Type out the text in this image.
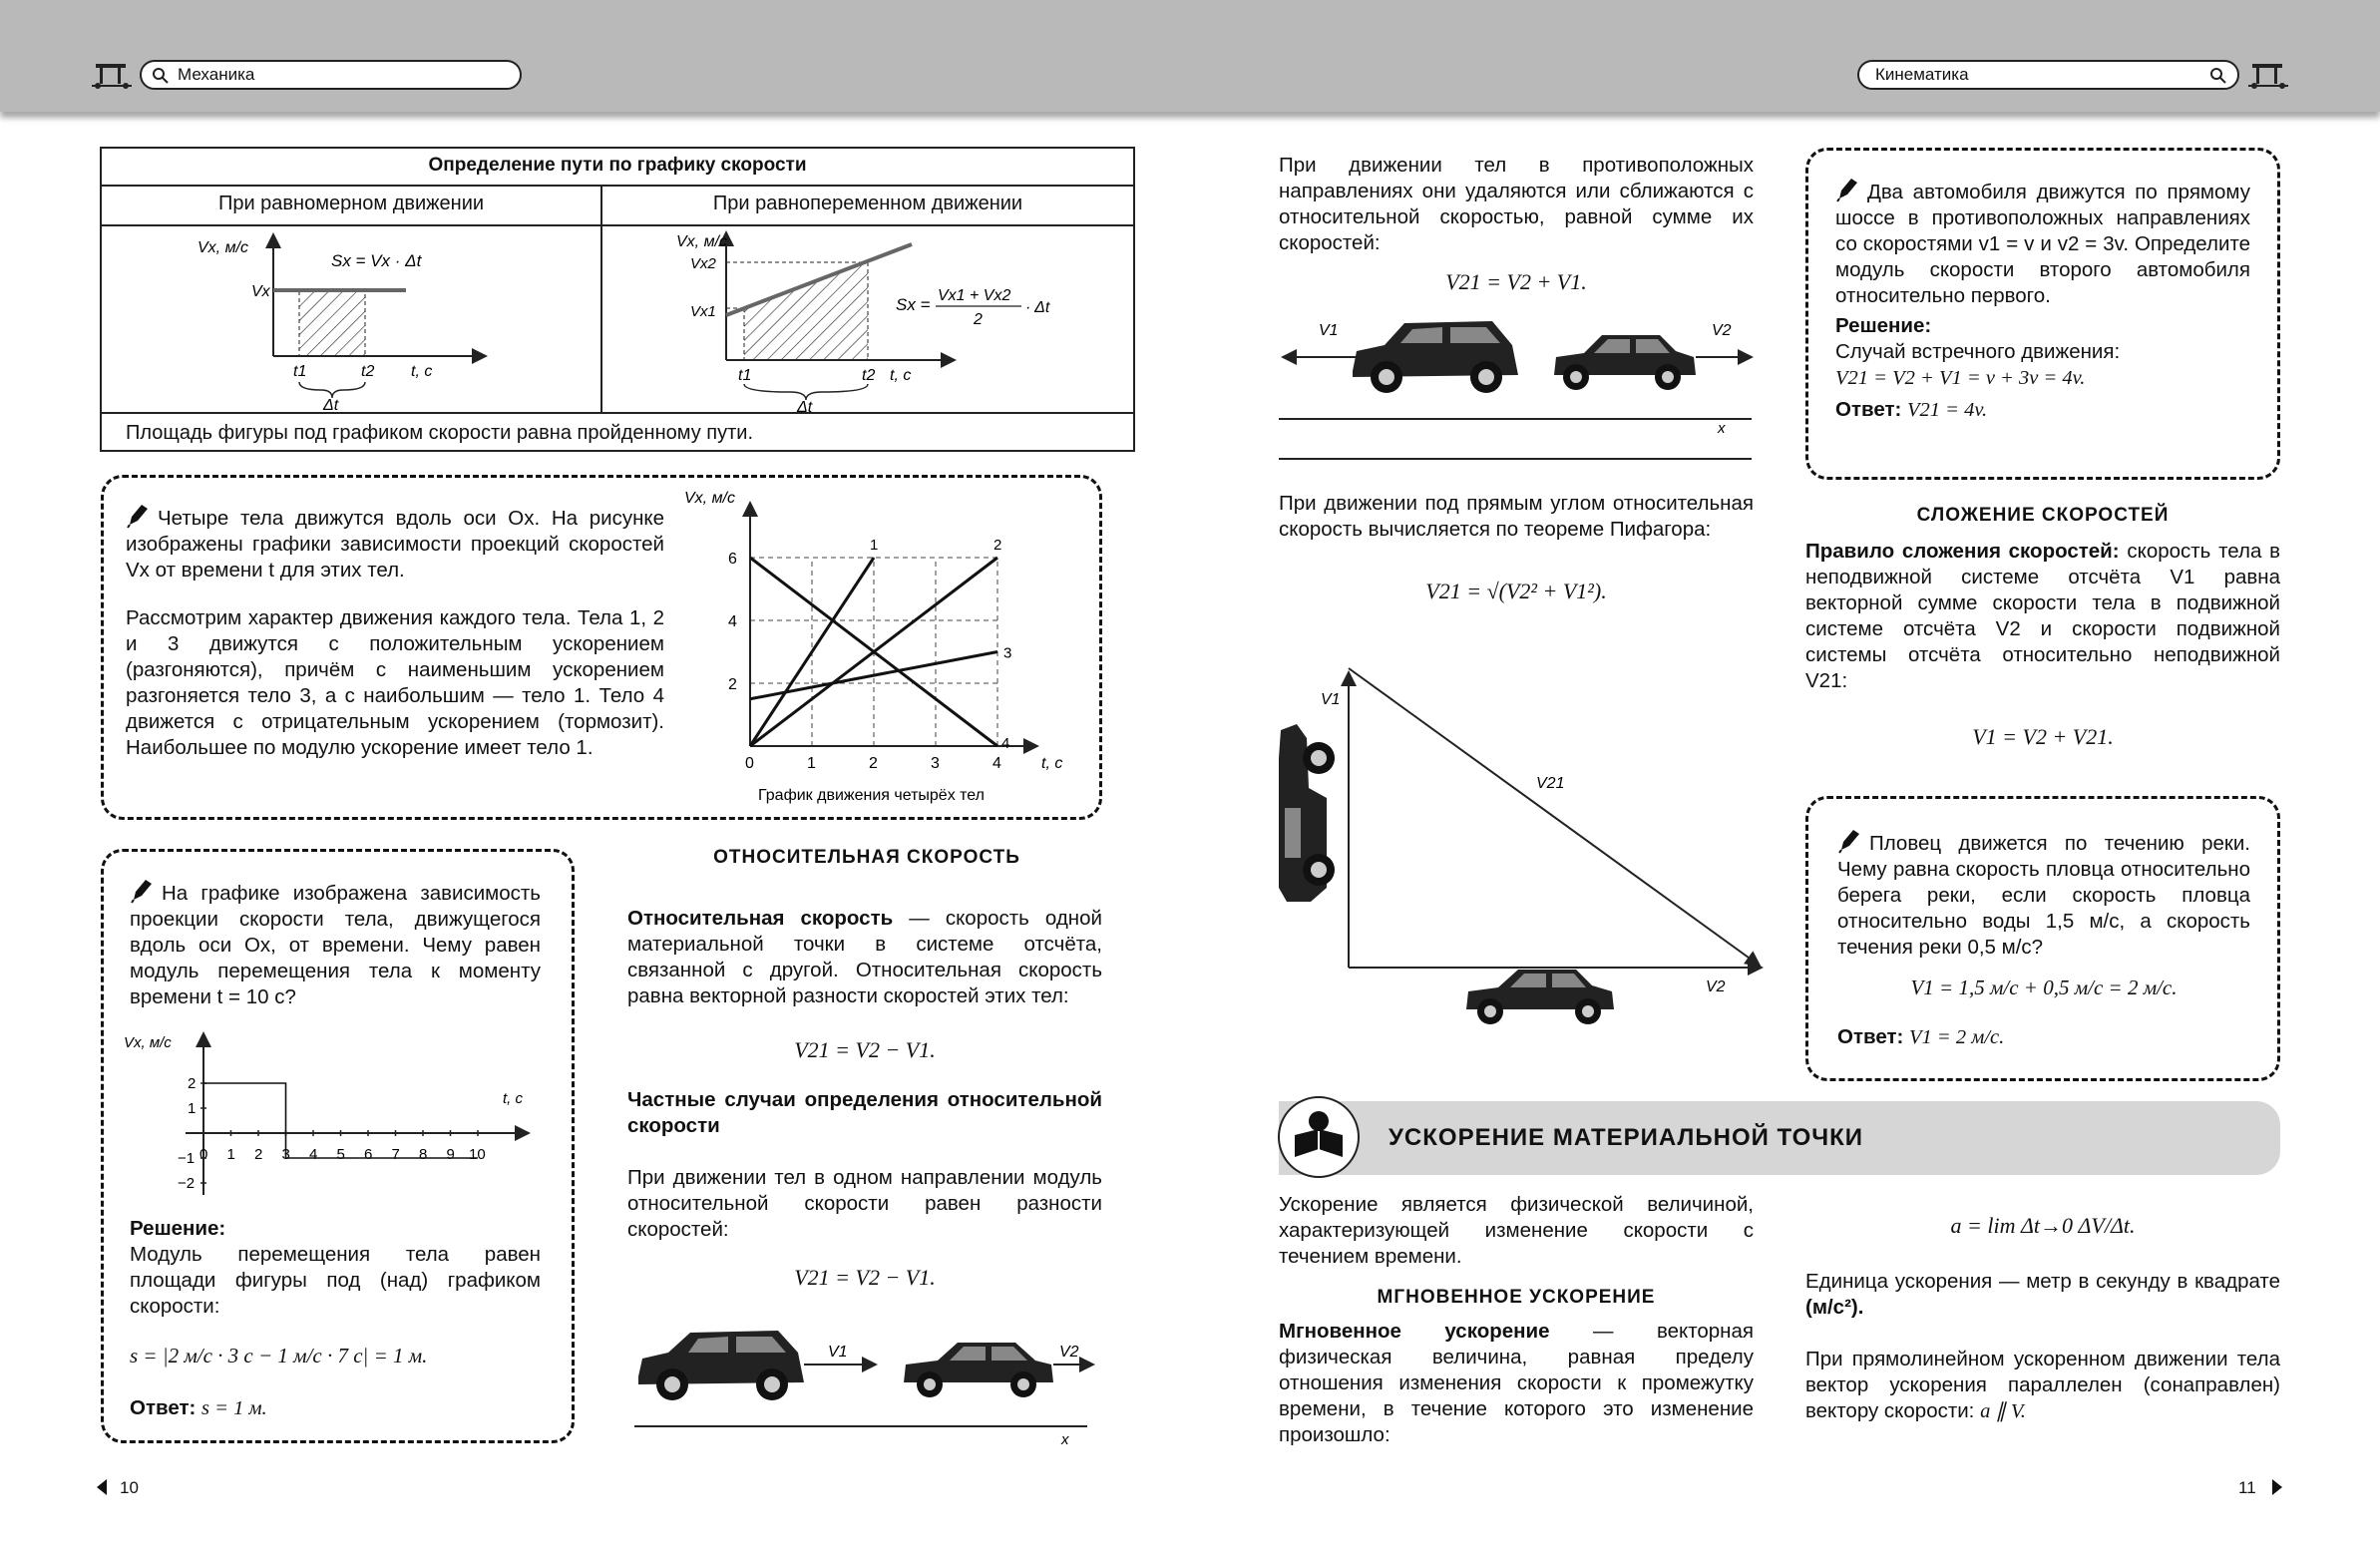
Механика	Кинематика
Определение пути по графику скорости
При равномерном движении	При равнопеременном движении
Площадь фигуры под графиком скорости равна пройденному пути.
Vx, м/с
Vx
Sx = Vx · Δt
t1	t2 t, с
Δt
Vx, м/с
Vx2
Vx1	Sx = Vx1 + Vx2
2
· Δt
t1	t2 t, с
Δt

Четыре тела движутся вдоль оси Ox. На рисунке изображены графики зависимости проекций скоростей Vx от времени t для этих тел.

Рассмотрим характер движения каждого тела. Тела 1, 2 и 3 движутся с положительным ускорением (разгоняются), причём с наименьшим ускорением разгоняется тело 3, а с наибольшим — тело 1. Тело 4 движется с отрицательным ускорением (тормозит). Наибольшее по модулю ускорение имеет тело 1.

0	1	2	3	4
2
4
6
Vx, м/с
t, с
График движения четырёх тел
1	2
3
4

На графике изображена зависимость проекции скорости тела, движущегося вдоль оси Ox, от времени. Чему равен модуль перемещения тела к моменту времени t = 10 с?

0 1 2 3 4 5 6 7 8 9 10
−2
−1
1
2
Vx, м/с
t, с

Решение:

Модуль перемещения тела равен площади фигуры под (над) графиком скорости:

s = |2 м/с · 3 с − 1 м/с · 7 с| = 1 м.
Ответ: s = 1 м.
ОТНОСИТЕЛЬНАЯ СКОРОСТЬ

Относительная скорость — скорость одной материальной точки в системе отсчёта, связанной с другой. Относительная скорость равна векторной разности скоростей этих тел:

V21 = V2 − V1.
Частные случаи определения относительной скорости
При движении тел в одном направлении модуль относительной скорости равен разности скоростей:
V21 = V2 − V1.
V1	V2
x
10
При движении тел в противоположных направлениях они удаляются или сближаются с относительной скоростью, равной сумме их скоростей:
V21 = V2 + V1.
V1	V2
x
При движении под прямым углом относительная скорость вычисляется по теореме Пифагора:
V21 = √(V2² + V1²).
V1
V21
V2

Два автомобиля движутся по прямому шоссе в противоположных направлениях со скоростями v1 = v и v2 = 3v. Определите модуль скорости второго автомобиля относительно первого.

Решение:

Случай встречного движения:

V21 = V2 + V1 = v + 3v = 4v.

Ответ: V21 = 4v.

СЛОЖЕНИЕ СКОРОСТЕЙ

Правило сложения скоростей: скорость тела в неподвижной системе отсчёта V1 равна векторной сумме скорости тела в подвижной системе отсчёта V2 и скорости подвижной системы отсчёта относительно неподвижной V21:

V1 = V2 + V21.

Пловец движется по течению реки. Чему равна скорость пловца относительно берега реки, если скорость пловца относительно воды 1,5 м/с, а скорость течения реки 0,5 м/с?

V1 = 1,5 м/с + 0,5 м/с = 2 м/с.
Ответ: V1 = 2 м/с.
УСКОРЕНИЕ МАТЕРИАЛЬНОЙ ТОЧКИ
Ускорение является физической величиной, характеризующей изменение скорости с течением времени.
МГНОВЕННОЕ УСКОРЕНИЕ

Мгновенное ускорение — векторная физическая величина, равная пределу отношения изменения скорости к промежутку времени, в течение которого это изменение произошло:

a = lim Δt→0 ΔV/Δt.

Единица ускорения — метр в секунду в квадрате (м/с²).

При прямолинейном ускоренном движении тела вектор ускорения параллелен (сонаправлен) вектору скорости: a ∥ V.

11
